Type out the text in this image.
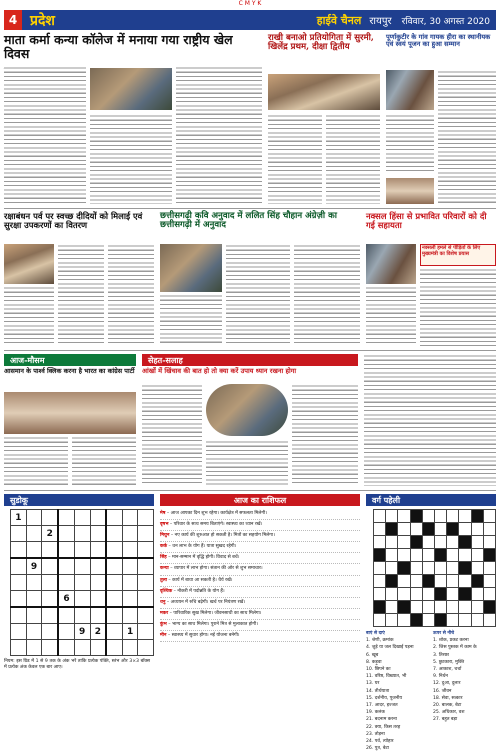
C M Y K
4 प्रदेश	हाईवे चैनल रायपुर रविवार, 30 अगस्त 2020
माता कर्मा कन्या कॉलेज में मनाया गया राष्ट्रीय खेल दिवस
राखी बनाओ प्रतियोगिता में सुरमी, खिलेंद्र प्रथम, दीक्षा द्वितीय
पूर्णाकुटीर के गांव गायक हीरा का स्थानीयक एवं स्वयं पूजन का हुआ सम्मान
रक्षाबंधन पर्व पर स्वच्छ दीदियों को मिलाई एवं सुरक्षा उपकरणों का वितरण
छत्तीसगढ़ी कवि अनुवाद में ललित सिंह चौहान अंग्रेज़ी का छत्तीसगढ़ी में अनुवाद
नक्सल हिंसा से प्रभावित परिवारों को दी गई सहायता
नक्सली हमले से पीड़ितों के लिए मुख्यमंत्री का विशेष प्रयास
आज-मौसम
आसमान के पार्श्व क्लिक करना है भारत का कांग्रेस पार्टी
सेहत-सलाह
आंखों में खिंचाव की बात हो तो क्या करें उपाय ध्यान रखना होगा
सुडोकू
1								
		2						

	9							

			6					

				9	2		1	

नियम: इस ग्रिड में 1 से 9 तक के अंक भरें ताकि प्रत्येक पंक्ति, स्तंभ और 3×3 बॉक्स में प्रत्येक अंक केवल एक बार आए।
आज का राशिफल
मेष – आज आपका दिन शुभ रहेगा। कार्यक्षेत्र में सफलता मिलेगी।
वृषभ – परिवार के साथ समय बिताएंगे। स्वास्थ्य का ध्यान रखें।
मिथुन – नए कार्य की शुरुआत हो सकती है। मित्रों का सहयोग मिलेगा।
कर्क – धन लाभ के योग हैं। यात्रा सुखद रहेगी।
सिंह – मान-सम्मान में वृद्धि होगी। विवाद से बचें।
कन्या – व्यापार में लाभ होगा। संतान की ओर से शुभ समाचार।
तुला – कार्य में बाधा आ सकती है। धैर्य रखें।
वृश्चिक – नौकरी में पदोन्नति के योग हैं।
धनु – अध्ययन में रुचि बढ़ेगी। खर्च पर नियंत्रण रखें।
मकर – पारिवारिक सुख मिलेगा। जीवनसाथी का साथ मिलेगा।
कुंभ – भाग्य का साथ मिलेगा। पुराने मित्र से मुलाकात होगी।
मीन – स्वास्थ्य में सुधार होगा। नई योजना बनेगी।
वर्ग पहेली

बाएं से दाएं
1. श्रेणी, क्रमांक
4. जुड़े या जल दिखाई पड़ना
6. खूब
8. कड़ुवा
10. छिपने का
11. वरिष्ठ, विख्यात, भी
13. घर
14. तीर्थयात्रा
15. दर्शनीय, पूजनीय
17. आदर, इज्जत
19. कलंक
21. बदनाम करना
22. क्या, किस तरह
23. तोड़ना
24. पर्व, त्योहार
26. पुत्र, बेटा
ऊपर से नीचे
1. शोक, प्रकट करना
2. जिस पुस्तक में काम के
3. तिरछा
5. छुटकारा, मुक्ति
7. आकाश, चर्चा
9. निर्धन
12. दुआ, दुलार
16. जीवन
18. सेवा, सत्कार
20. बालक, बेटा
25. अधिकार, वश
27. बहुत बड़ा
